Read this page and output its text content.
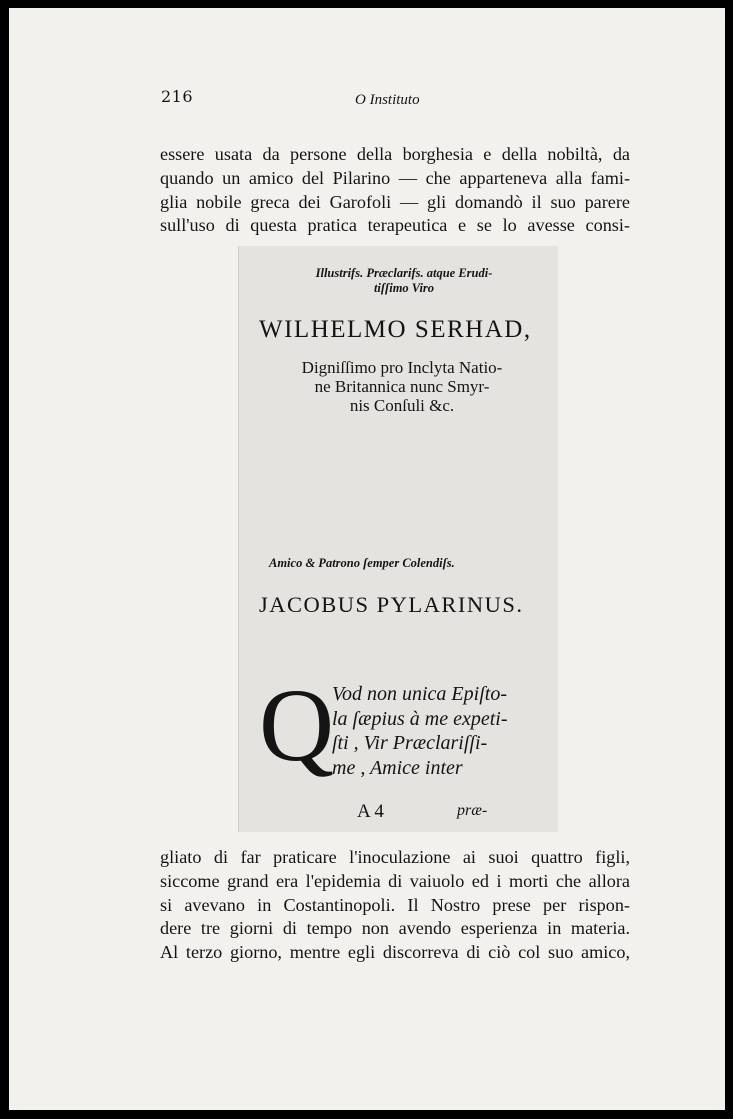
216	O Instituto

essere usata da persone della borghesia e della nobiltà, da
quando un amico del Pilarino — che apparteneva alla fami-
glia nobile greca dei Garofoli — gli domandò il suo parere
sull'uso di questa pratica terapeutica e se lo avesse consi-

Illustrifs. Præclarifs. atque Erudi-
tiſſimo Viro
WILHELMO SERHAD,
Digniſſimo pro Inclyta Natio-
ne Britannica nunc Smyr-
nis Conſuli &c.
Amico & Patrono ſemper Colendiſs.
JACOBUS PYLARINUS.
Q
Vod non unica Epiſto-
la ſæpius à me expeti-
ſti , Vir Præclariſſi-
me , Amice inter
A 4	præ-

gliato di far praticare l'inoculazione ai suoi quattro figli,
siccome grand era l'epidemia di vaiuolo ed i morti che allora
si avevano in Costantinopoli. Il Nostro prese per rispon-
dere tre giorni di tempo non avendo esperienza in materia.
Al terzo giorno, mentre egli discorreva di ciò col suo amico,
